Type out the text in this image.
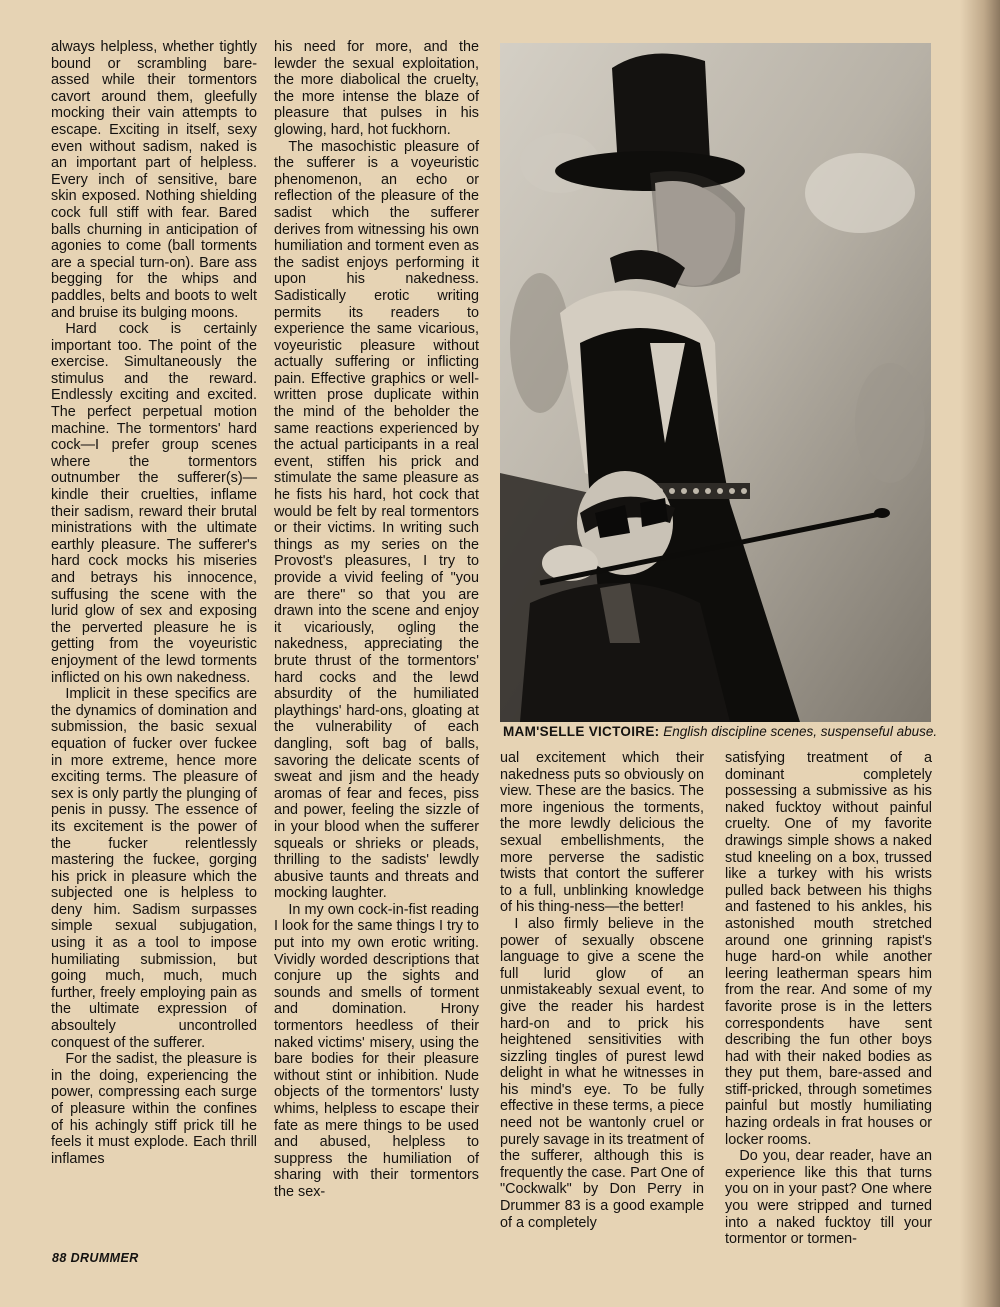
always helpless, whether tightly bound or scrambling bare-assed while their tormentors cavort around them, gleefully mocking their vain attempts to escape. Exciting in itself, sexy even without sadism, naked is an important part of helpless. Every inch of sensitive, bare skin exposed. Nothing shielding cock full stiff with fear. Bared balls churning in anticipation of agonies to come (ball torments are a special turn-on). Bare ass begging for the whips and paddles, belts and boots to welt and bruise its bulging moons.

Hard cock is certainly important too. The point of the exercise. Simultaneously the stimulus and the reward. Endlessly exciting and excited. The perfect perpetual motion machine. The tormentors' hard cock—I prefer group scenes where the tormentors outnumber the sufferer(s)—kindle their cruelties, inflame their sadism, reward their brutal ministrations with the ultimate earthly pleasure. The sufferer's hard cock mocks his miseries and betrays his innocence, suffusing the scene with the lurid glow of sex and exposing the perverted pleasure he is getting from the voyeuristic enjoyment of the lewd torments inflicted on his own nakedness.

Implicit in these specifics are the dynamics of domination and submission, the basic sexual equation of fucker over fuckee in more extreme, hence more exciting terms. The pleasure of sex is only partly the plunging of penis in pussy. The essence of its excitement is the power of the fucker relentlessly mastering the fuckee, gorging his prick in pleasure which the subjected one is helpless to deny him. Sadism surpasses simple sexual subjugation, using it as a tool to impose humiliating submission, but going much, much, much further, freely employing pain as the ultimate expression of absoultely uncontrolled conquest of the sufferer.

For the sadist, the pleasure is in the doing, experiencing the power, compressing each surge of pleasure within the confines of his achingly stiff prick till he feels it must explode. Each thrill inflames

his need for more, and the lewder the sexual exploitation, the more diabolical the cruelty, the more intense the blaze of pleasure that pulses in his glowing, hard, hot fuckhorn.

The masochistic pleasure of the sufferer is a voyeuristic phenomenon, an echo or reflection of the pleasure of the sadist which the sufferer derives from witnessing his own humiliation and torment even as the sadist enjoys performing it upon his nakedness. Sadistically erotic writing permits its readers to experience the same vicarious, voyeuristic pleasure without actually suffering or inflicting pain. Effective graphics or well-written prose duplicate within the mind of the beholder the same reactions experienced by the actual participants in a real event, stiffen his prick and stimulate the same pleasure as he fists his hard, hot cock that would be felt by real tormentors or their victims. In writing such things as my series on the Provost's pleasures, I try to provide a vivid feeling of "you are there" so that you are drawn into the scene and enjoy it vicariously, ogling the nakedness, appreciating the brute thrust of the tormentors' hard cocks and the lewd absurdity of the humiliated playthings' hard-ons, gloating at the vulnerability of each dangling, soft bag of balls, savoring the delicate scents of sweat and jism and the heady aromas of fear and feces, piss and power, feeling the sizzle of in your blood when the sufferer squeals or shrieks or pleads, thrilling to the sadists' lewdly abusive taunts and threats and mocking laughter.

In my own cock-in-fist reading I look for the same things I try to put into my own erotic writing. Vividly worded descriptions that conjure up the sights and sounds and smells of torment and domination. Hrony tormentors heedless of their naked victims' misery, using the bare bodies for their pleasure without stint or inhibition. Nude objects of the tormentors' lusty whims, helpless to escape their fate as mere things to be used and abused, helpless to suppress the humiliation of sharing with their tormentors the sex-

MAM'SELLE VICTOIRE: English discipline scenes, suspenseful abuse.

ual excitement which their nakedness puts so obviously on view. These are the basics. The more ingenious the torments, the more lewdly delicious the sexual embellishments, the more perverse the sadistic twists that contort the sufferer to a full, unblinking knowledge of his thing-ness—the better!

I also firmly believe in the power of sexually obscene language to give a scene the full lurid glow of an unmistakeably sexual event, to give the reader his hardest hard-on and to prick his heightened sensitivities with sizzling tingles of purest lewd delight in what he witnesses in his mind's eye. To be fully effective in these terms, a piece need not be wantonly cruel or purely savage in its treatment of the sufferer, although this is frequently the case. Part One of "Cockwalk" by Don Perry in Drummer 83 is a good example of a completely

satisfying treatment of a dominant completely possessing a submissive as his naked fucktoy without painful cruelty. One of my favorite drawings simple shows a naked stud kneeling on a box, trussed like a turkey with his wrists pulled back between his thighs and fastened to his ankles, his astonished mouth stretched around one grinning rapist's huge hard-on while another leering leatherman spears him from the rear. And some of my favorite prose is in the letters correspondents have sent describing the fun other boys had with their naked bodies as they put them, bare-assed and stiff-pricked, through sometimes painful but mostly humiliating hazing ordeals in frat houses or locker rooms.

Do you, dear reader, have an experience like this that turns you on in your past? One where you were stripped and turned into a naked fucktoy till your tormentor or tormen-

88 DRUMMER
